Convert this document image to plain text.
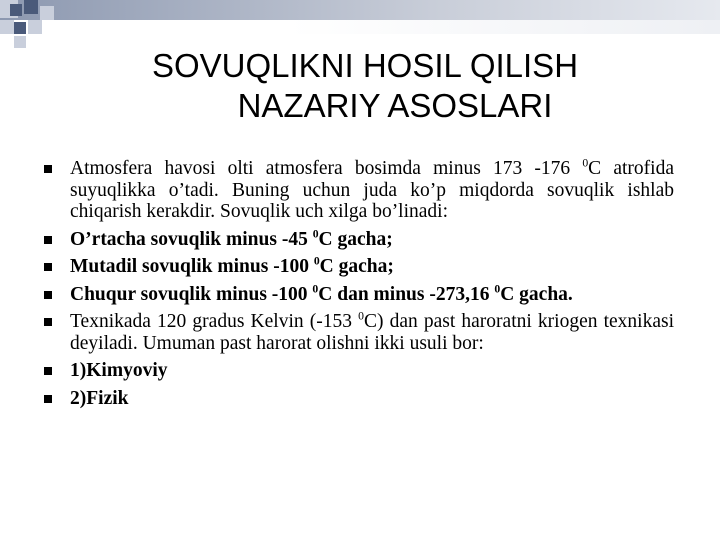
SOVUQLIKNI HOSIL QILISH
NAZARIY ASOSLARI
Atmosfera havosi olti atmosfera bosimda minus 173 -176 $^0$C atrofida suyuqlikka o’tadi. Buning uchun juda ko’p miqdorda sovuqlik ishlab chiqarish kerakdir. Sovuqlik uch xilga bo’linadi:
O’rtacha sovuqlik minus -45 $^0$C gacha;
Mutadil sovuqlik minus -100 $^0$C gacha;
Chuqur sovuqlik minus -100 $^0$C dan minus -273,16 $^0$C gacha.
Texnikada 120 gradus Kelvin (-153 $^0$C) dan past haroratni kriogen texnikasi deyiladi. Umuman past harorat olishni ikki usuli bor:
1)Kimyoviy
2)Fizik
